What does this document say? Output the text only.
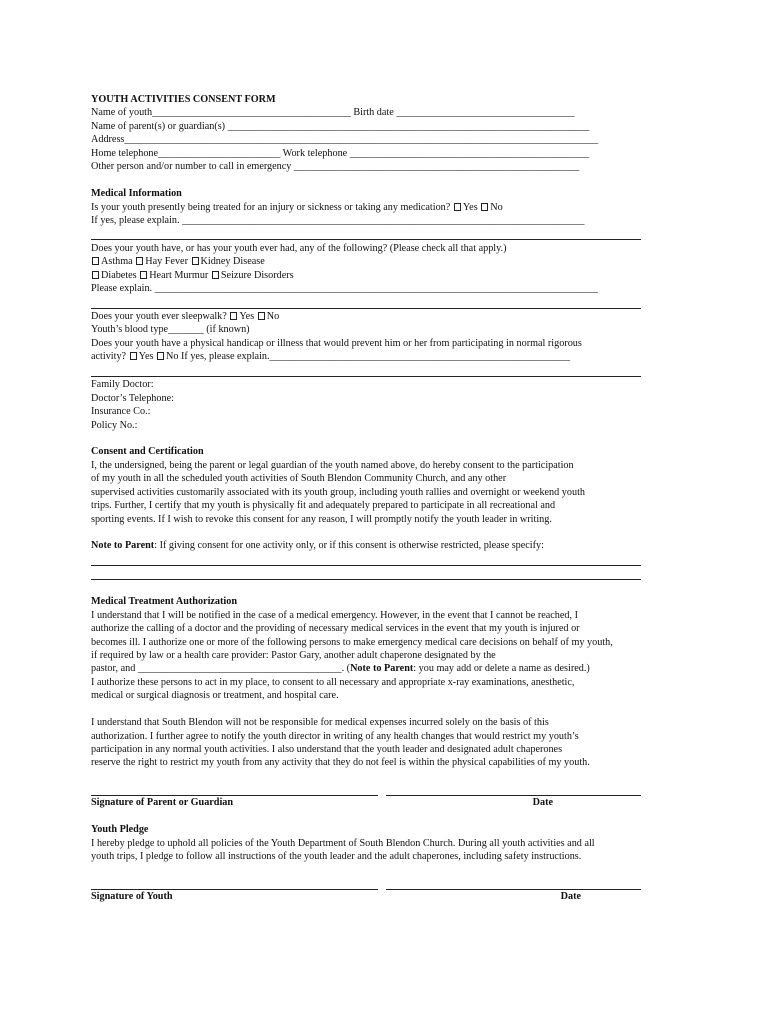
YOUTH ACTIVITIES CONSENT FORM
Name of youth_______________________________________ Birth date ___________________________________
Name of parent(s) or guardian(s) _______________________________________________________________________
Address_____________________________________________________________________________________________
Home telephone________________________ Work telephone _______________________________________________
Other person and/or number to call in emergency ________________________________________________________
Medical Information
Is your youth presently being treated for an injury or sickness or taking any medication? Yes No
If yes, please explain. _______________________________________________________________________________
Does your youth have, or has your youth ever had, any of the following? (Please check all that apply.)
Asthma Hay Fever Kidney Disease
Diabetes Heart Murmur Seizure Disorders
Please explain. _______________________________________________________________________________________
Does your youth ever sleepwalk? Yes No
Youth’s blood type_______ (if known)
Does your youth have a physical handicap or illness that would prevent him or her from participating in normal rigorous
activity? Yes No If yes, please explain.___________________________________________________________
Family Doctor:
Doctor’s Telephone:
Insurance Co.:
Policy No.:
Consent and Certification
I, the undersigned, being the parent or legal guardian of the youth named above, do hereby consent to the participation
of my youth in all the scheduled youth activities of South Blendon Community Church, and any other
supervised activities customarily associated with its youth group, including youth rallies and overnight or weekend youth
trips. Further, I certify that my youth is physically fit and adequately prepared to participate in all recreational and
sporting events. If I wish to revoke this consent for any reason, I will promptly notify the youth leader in writing.
Note to Parent: If giving consent for one activity only, or if this consent is otherwise restricted, please specify:
Medical Treatment Authorization
I understand that I will be notified in the case of a medical emergency. However, in the event that I cannot be reached, I
authorize the calling of a doctor and the providing of necessary medical services in the event that my youth is injured or
becomes ill. I authorize one or more of the following persons to make emergency medical care decisions on behalf of my youth,
if required by law or a health care provider: Pastor Gary, another adult chaperone designated by the
pastor, and ________________________________________. (Note to Parent: you may add or delete a name as desired.)
I authorize these persons to act in my place, to consent to all necessary and appropriate x-ray examinations, anesthetic,
medical or surgical diagnosis or treatment, and hospital care.
I understand that South Blendon will not be responsible for medical expenses incurred solely on the basis of this
authorization. I further agree to notify the youth director in writing of any health changes that would restrict my youth’s
participation in any normal youth activities. I also understand that the youth leader and designated adult chaperones
reserve the right to restrict my youth from any activity that they do not feel is within the physical capabilities of my youth.
Signature of Parent or Guardian	Date
Youth Pledge
I hereby pledge to uphold all policies of the Youth Department of South Blendon Church. During all youth activities and all
youth trips, I pledge to follow all instructions of the youth leader and the adult chaperones, including safety instructions.
Signature of Youth	Date
